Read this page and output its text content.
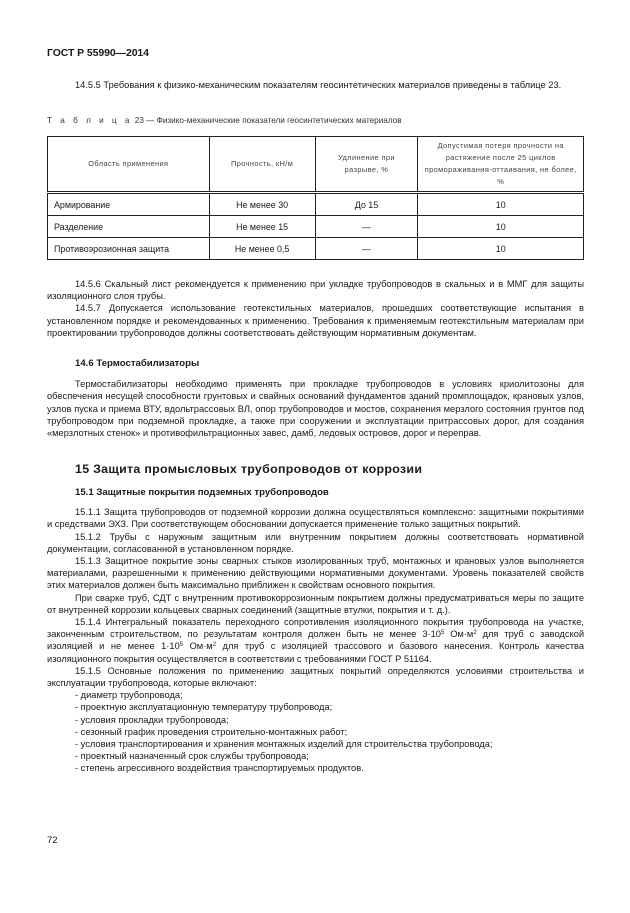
ГОСТ Р 55990—2014

14.5.5 Требования к физико-механическим показателям геосинтетических материалов приведены в таблице 23.

Т а б л и ц а 23 — Физико-механические показатели геосинтетических материалов
Область применения	Прочность, кН/м	Удлинение при разрыве, %	Допустимая потеря прочности на растяжение после 25 циклов промораживания-оттаивания, не более, %
Армирование	Не менее 30	До 15	10
Разделение	Не менее 15	—	10
Противоэрозионная защита	Не менее 0,5	—	10

14.5.6 Скальный лист рекомендуется к применению при укладке трубопроводов в скальных и в ММГ для защиты изоляционного слоя трубы.

14.5.7 Допускается использование геотекстильных материалов, прошедших соответствующие испытания в установленном порядке и рекомендованных к применению. Требования к применяемым геотекстильным материалам при проектировании трубопроводов должны соответствовать действующим нормативным документам.

14.6 Термостабилизаторы

Термостабилизаторы необходимо применять при прокладке трубопроводов в условиях криолитозоны для обеспечения несущей способности грунтовых и свайных оснований фундаментов зданий промплощадок, крановых узлов, узлов пуска и приема ВТУ, вдольтрассовых ВЛ, опор трубопроводов и мостов, сохранения мерзлого состояния грунтов под трубопроводом при подземной прокладке, а также при сооружении и эксплуатации притрассовых дорог, для создания «мерзлотных стенок» и противофильтрационных завес, дамб, ледовых островов, дорог и переправ.

15 Защита промысловых трубопроводов от коррозии

15.1 Защитные покрытия подземных трубопроводов

15.1.1 Защита трубопроводов от подземной коррозии должна осуществляться комплексно: защитными покрытиями и средствами ЭХЗ. При соответствующем обосновании допускается применение только защитных покрытий.

15.1.2 Трубы с наружным защитным или внутренним покрытием должны соответствовать нормативной документации, согласованной в установленном порядке.

15.1.3 Защитное покрытие зоны сварных стыков изолированных труб, монтажных и крановых узлов выполняется материалами, разрешенными к применению действующими нормативными документами. Уровень показателей свойств этих материалов должен быть максимально приближен к свойствам основного покрытия.

При сварке труб, СДТ с внутренним противокоррозионным покрытием должны предусматриваться меры по защите от внутренней коррозии кольцевых сварных соединений (защитные втулки, покрытия и т. д.).

15.1.4 Интегральный показатель переходного сопротивления изоляционного покрытия трубопровода на участке, законченным строительством, по результатам контроля должен быть не менее $3\cdot 10^5$ $Ом\cdot м^2$ для труб с заводской изоляцией и не менее $1\cdot 10^5$ $Ом\cdot м^2$ для труб с изоляцией трассового и базового нанесения. Контроль качества изоляционного покрытия осуществляется в соответствии с требованиями ГОСТ Р 51164.

15.1.5 Основные положения по применению защитных покрытий определяются условиями строительства и эксплуатации трубопровода, которые включают:

- диаметр трубопровода;

- проектную эксплуатационную температуру трубопровода;

- условия прокладки трубопровода;

- сезонный график проведения строительно-монтажных работ;

- условия транспортирования и хранения монтажных изделий для строительства трубопровода;

- проектный назначенный срок службы трубопровода;

- степень агрессивного воздействия транспортируемых продуктов.

72
